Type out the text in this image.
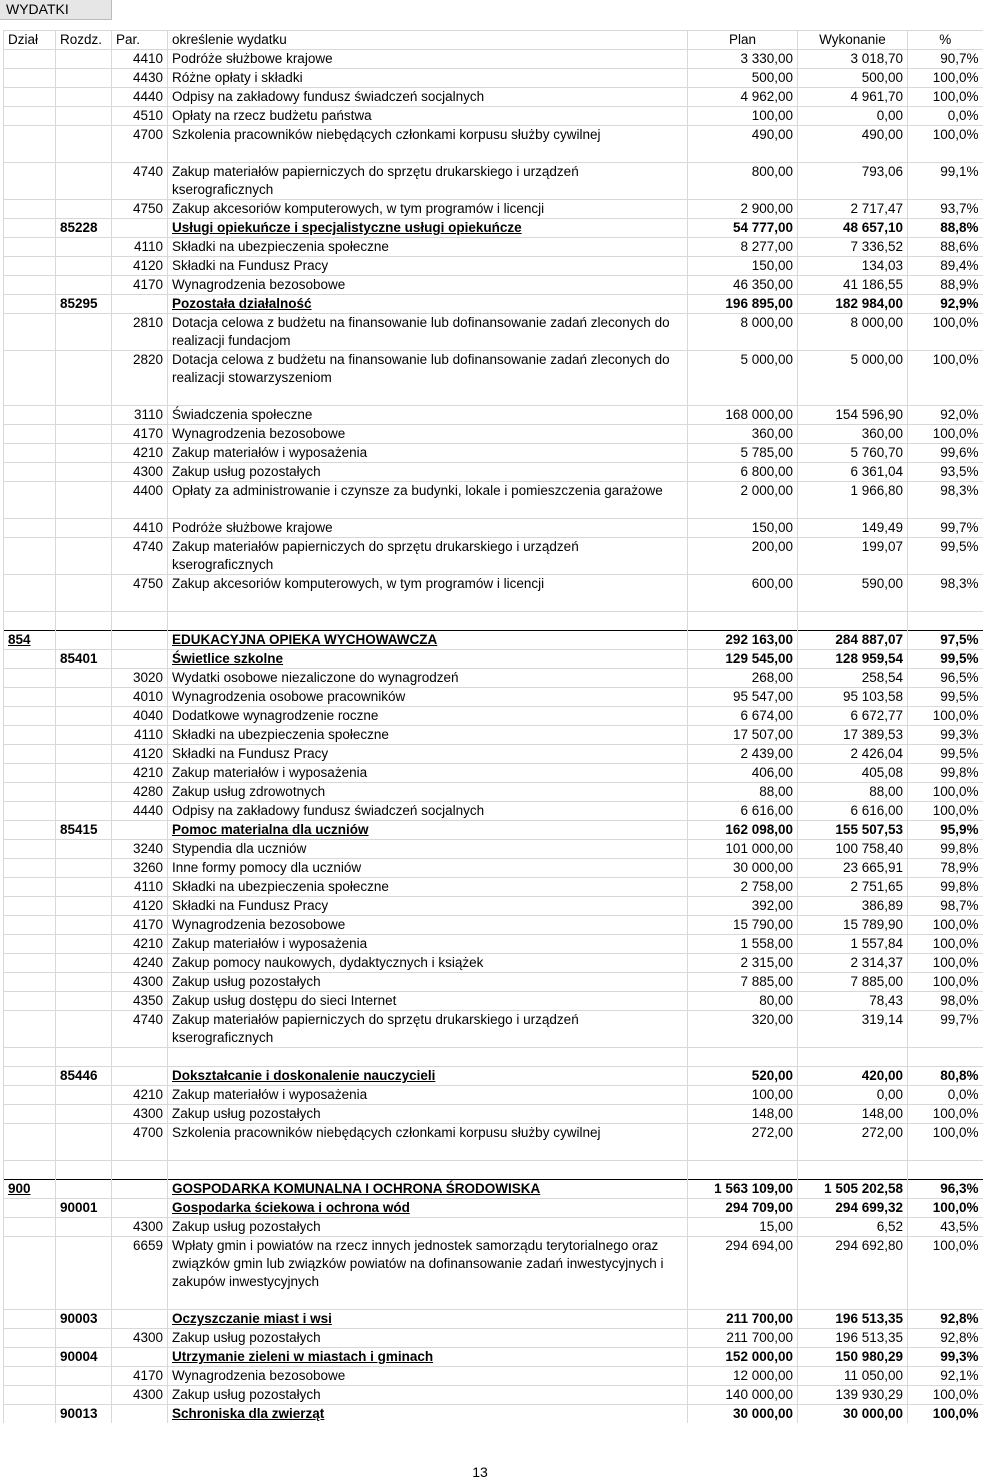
WYDATKI
Dział	Rozdz.	Par.	określenie wydatku	Plan	Wykonanie	%
		4410	Podróże służbowe krajowe	3 330,00	3 018,70	90,7%
		4430	Różne opłaty i składki	500,00	500,00	100,0%
		4440	Odpisy na zakładowy fundusz świadczeń socjalnych	4 962,00	4 961,70	100,0%
		4510	Opłaty na rzecz budżetu państwa	100,00	0,00	0,0%
		4700	Szkolenia pracowników niebędących członkami korpusu służby cywilnej	490,00	490,00	100,0%
		4740	Zakup materiałów papierniczych do sprzętu drukarskiego i urządzeń kserograficznych	800,00	793,06	99,1%
		4750	Zakup akcesoriów komputerowych, w tym programów i licencji	2 900,00	2 717,47	93,7%
	85228		Usługi opiekuńcze i specjalistyczne usługi opiekuńcze	54 777,00	48 657,10	88,8%
		4110	Składki na ubezpieczenia społeczne	8 277,00	7 336,52	88,6%
		4120	Składki na Fundusz Pracy	150,00	134,03	89,4%
		4170	Wynagrodzenia bezosobowe	46 350,00	41 186,55	88,9%
	85295		Pozostała działalność	196 895,00	182 984,00	92,9%
		2810	Dotacja celowa z budżetu na finansowanie lub dofinansowanie zadań zleconych do realizacji fundacjom	8 000,00	8 000,00	100,0%
		2820	Dotacja celowa z budżetu na finansowanie lub dofinansowanie zadań zleconych do realizacji stowarzyszeniom	5 000,00	5 000,00	100,0%
		3110	Świadczenia społeczne	168 000,00	154 596,90	92,0%
		4170	Wynagrodzenia bezosobowe	360,00	360,00	100,0%
		4210	Zakup materiałów i wyposażenia	5 785,00	5 760,70	99,6%
		4300	Zakup usług pozostałych	6 800,00	6 361,04	93,5%
		4400	Opłaty za administrowanie i czynsze za budynki, lokale i pomieszczenia garażowe	2 000,00	1 966,80	98,3%
		4410	Podróże służbowe krajowe	150,00	149,49	99,7%
		4740	Zakup materiałów papierniczych do sprzętu drukarskiego i urządzeń kserograficznych	200,00	199,07	99,5%
		4750	Zakup akcesoriów komputerowych, w tym programów i licencji	600,00	590,00	98,3%

854			EDUKACYJNA OPIEKA WYCHOWAWCZA	292 163,00	284 887,07	97,5%
	85401		Świetlice szkolne	129 545,00	128 959,54	99,5%
		3020	Wydatki osobowe niezaliczone do wynagrodzeń	268,00	258,54	96,5%
		4010	Wynagrodzenia osobowe pracowników	95 547,00	95 103,58	99,5%
		4040	Dodatkowe wynagrodzenie roczne	6 674,00	6 672,77	100,0%
		4110	Składki na ubezpieczenia społeczne	17 507,00	17 389,53	99,3%
		4120	Składki na Fundusz Pracy	2 439,00	2 426,04	99,5%
		4210	Zakup materiałów i wyposażenia	406,00	405,08	99,8%
		4280	Zakup usług zdrowotnych	88,00	88,00	100,0%
		4440	Odpisy na zakładowy fundusz świadczeń socjalnych	6 616,00	6 616,00	100,0%
	85415		Pomoc materialna dla uczniów	162 098,00	155 507,53	95,9%
		3240	Stypendia dla uczniów	101 000,00	100 758,40	99,8%
		3260	Inne formy pomocy dla uczniów	30 000,00	23 665,91	78,9%
		4110	Składki na ubezpieczenia społeczne	2 758,00	2 751,65	99,8%
		4120	Składki na Fundusz Pracy	392,00	386,89	98,7%
		4170	Wynagrodzenia bezosobowe	15 790,00	15 789,90	100,0%
		4210	Zakup materiałów i wyposażenia	1 558,00	1 557,84	100,0%
		4240	Zakup pomocy naukowych, dydaktycznych i książek	2 315,00	2 314,37	100,0%
		4300	Zakup usług pozostałych	7 885,00	7 885,00	100,0%
		4350	Zakup usług dostępu do sieci Internet	80,00	78,43	98,0%
		4740	Zakup materiałów papierniczych do sprzętu drukarskiego i urządzeń kserograficznych	320,00	319,14	99,7%

	85446		Dokształcanie i doskonalenie nauczycieli	520,00	420,00	80,8%
		4210	Zakup materiałów i wyposażenia	100,00	0,00	0,0%
		4300	Zakup usług pozostałych	148,00	148,00	100,0%
		4700	Szkolenia pracowników niebędących członkami korpusu służby cywilnej	272,00	272,00	100,0%

900			GOSPODARKA KOMUNALNA I OCHRONA ŚRODOWISKA	1 563 109,00	1 505 202,58	96,3%
	90001		Gospodarka ściekowa i ochrona wód	294 709,00	294 699,32	100,0%
		4300	Zakup usług pozostałych	15,00	6,52	43,5%
		6659	Wpłaty gmin i powiatów na rzecz innych jednostek samorządu terytorialnego oraz związków gmin lub związków powiatów na dofinansowanie zadań inwestycyjnych i zakupów inwestycyjnych	294 694,00	294 692,80	100,0%
	90003		Oczyszczanie miast i wsi	211 700,00	196 513,35	92,8%
		4300	Zakup usług pozostałych	211 700,00	196 513,35	92,8%
	90004		Utrzymanie zieleni w miastach i gminach	152 000,00	150 980,29	99,3%
		4170	Wynagrodzenia bezosobowe	12 000,00	11 050,00	92,1%
		4300	Zakup usług pozostałych	140 000,00	139 930,29	100,0%
	90013		Schroniska dla zwierząt	30 000,00	30 000,00	100,0%
13
